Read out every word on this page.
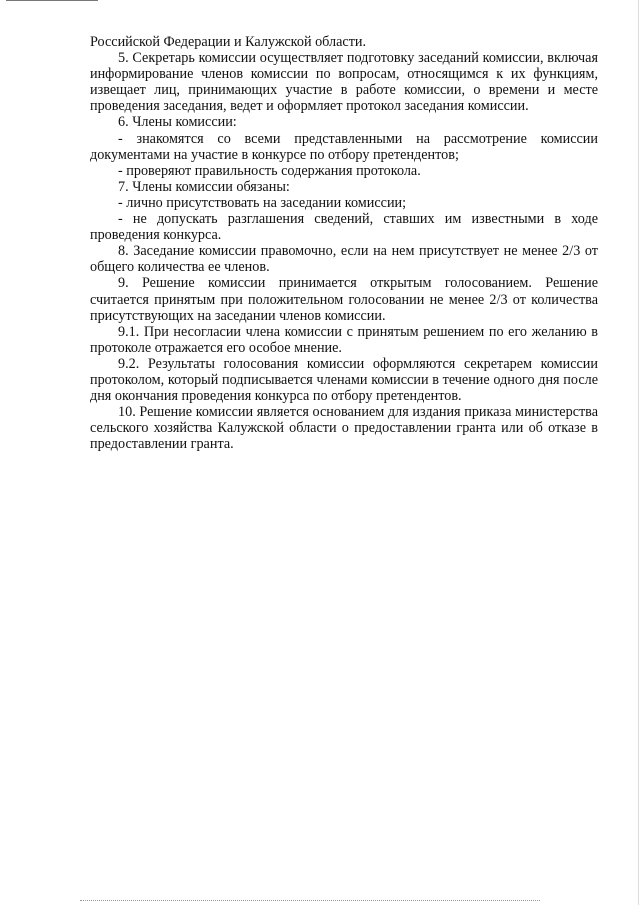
Российской Федерации и Калужской области.

5. Секретарь комиссии осуществляет подготовку заседаний комиссии, включая информирование членов комиссии по вопросам, относящимся к их функциям, извещает лиц, принимающих участие в работе комиссии, о времени и месте проведения заседания, ведет и оформляет протокол заседания комиссии.

6. Члены комиссии:

- знакомятся со всеми представленными на рассмотрение комиссии документами на участие в конкурсе по отбору претендентов;

- проверяют правильность содержания протокола.

7. Члены комиссии обязаны:

- лично присутствовать на заседании комиссии;

- не допускать разглашения сведений, ставших им известными в ходе проведения конкурса.

8. Заседание комиссии правомочно, если на нем присутствует не менее 2/3 от общего количества ее членов.

9. Решение комиссии принимается открытым голосованием. Решение считается принятым при положительном голосовании не менее 2/3 от количества присутствующих на заседании членов комиссии.

9.1. При несогласии члена комиссии с принятым решением по его желанию в протоколе отражается его особое мнение.

9.2. Результаты голосования комиссии оформляются секретарем комиссии протоколом, который подписывается членами комиссии в течение одного дня после дня окончания проведения конкурса по отбору претендентов.

10. Решение комиссии является основанием для издания приказа министерства сельского хозяйства Калужской области о предоставлении гранта или об отказе в предоставлении гранта.
